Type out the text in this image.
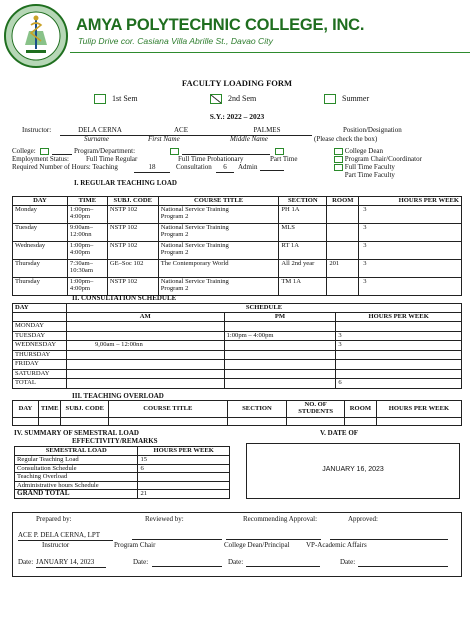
AMYA POLYTECHNIC COLLEGE, INC.
Tulip Drive cor. Casiana Villa Abrille St., Davao City
FACULTY LOADING FORM
1st Sem	2nd Sem	Summer
S.Y.: 2022 – 2023
Instructor:	DELA CERNA	ACE	PALMES	Position/Designation
Surname	First Name	Middle Name	(Please check the box)
College:	Program/Department:
Employment Status: Full Time Regular	Full Time Probationary	Part Time
Required Number of Hours: Teaching	18	Consultation	6	Admin
College Dean
Program Chair/Coordinator
Full Time Faculty
Part Time Faculty
I. REGULAR TEACHING LOAD
DAY	TIME	SUBJ. CODE	COURSE TITLE	SECTION	ROOM	HOURS PER WEEK
Monday	1:00pm–
4:00pm	NSTP 102	National Service Training
Program 2	PH 1A		3
Tuesday	9:00am–
12:00nn	NSTP 102	National Service Training
Program 2	MLS		3
Wednesday	1:00pm–
4:00pm	NSTP 102	National Service Training
Program 2	RT 1A		3
Thursday	7:30am–
10:30am	GE–Soc 102	The Contemporary World	All 2nd year	201	3
Thursday	1:00pm–
4:00pm	NSTP 102	National Service Training
Program 2	TM 1A		3
II. CONSULTATION SCHEDULE
DAY	SCHEDULE		
	AM	PM	HOURS PER WEEK
MONDAY			
TUESDAY		1:00pm – 4:00pm	3
WEDNESDAY	9,00am – 12:00nn		3
THURSDAY			
FRIDAY			
SATURDAY			
TOTAL			6
III. TEACHING OVERLOAD
DAY	TIME	SUBJ. CODE	COURSE TITLE	SECTION	NO. OF
STUDENTS	ROOM	HOURS PER WEEK

IV. SUMMARY OF SEMESTRAL LOAD
EFFECTIVITY/REMARKS
V. DATE OF
SEMESTRAL LOAD	HOURS PER WEEK
Regular Teaching Load	15
Consultation Schedule	6
Teaching Overload	
Administrative hours Schedule	
GRAND TOTAL	21
JANUARY 16, 2023
Prepared by:	Reviewed by:	Recommending Approval:	Approved:
ACE P. DELA CERNA, LPT
Instructor	Program Chair	College Dean/Principal VP-Academic Affairs
Date: JANUARY 14, 2023	Date:	Date:	Date:
